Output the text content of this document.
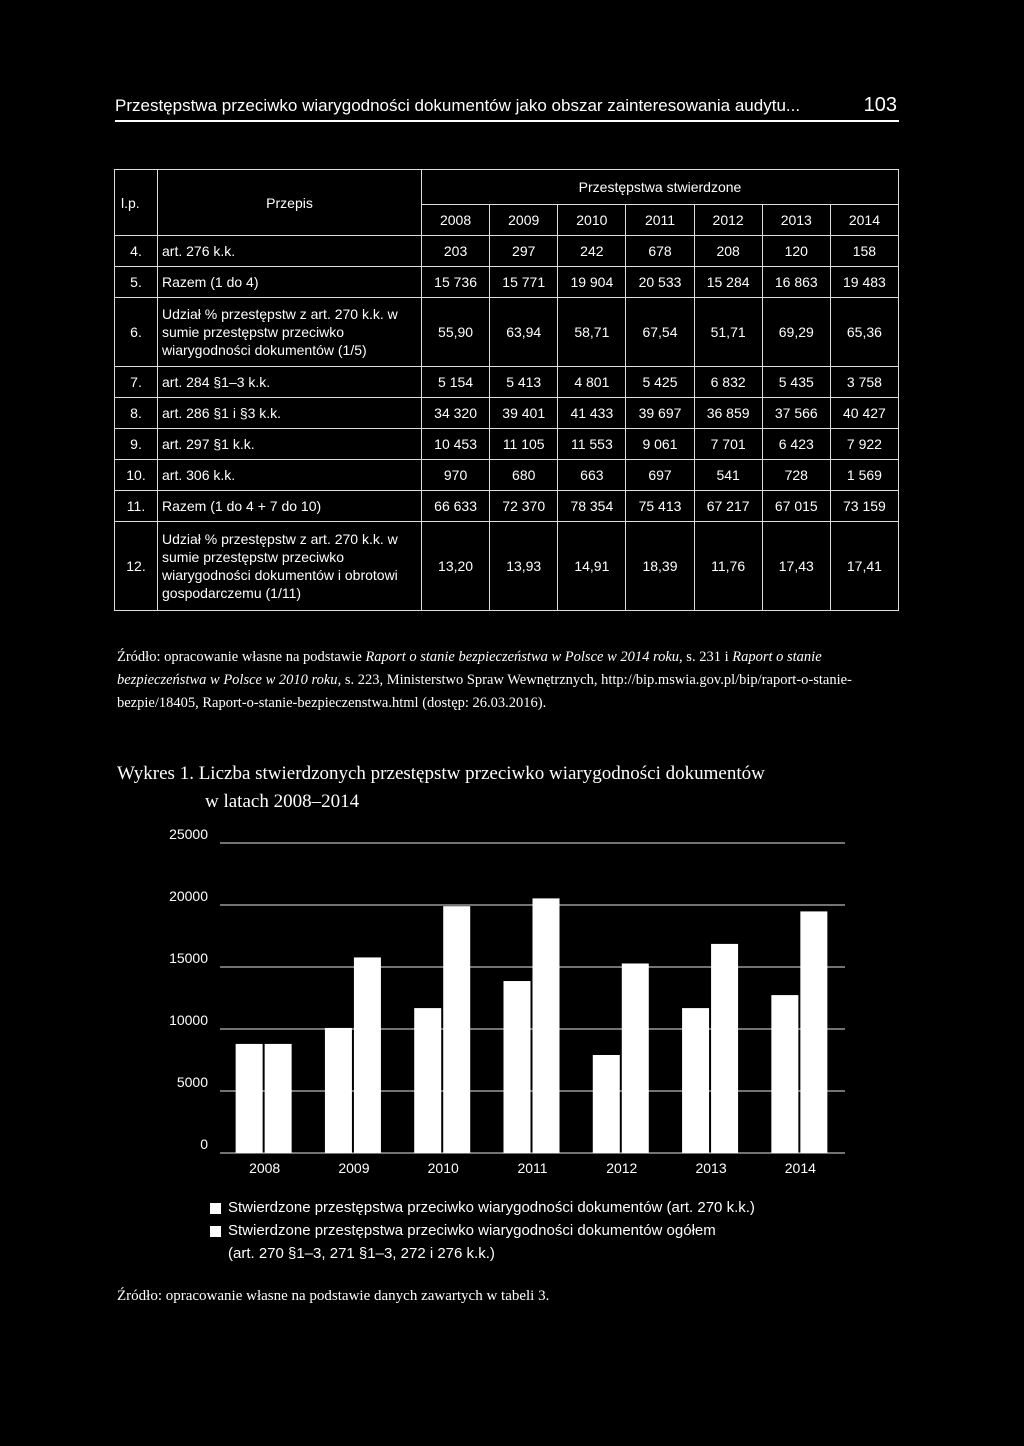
Przestępstwa przeciwko wiarygodności dokumentów jako obszar zainteresowania audytu...	103
l.p.	Przepis	Przestępstwa stwierdzone						
		2008	2009	2010	2011	2012	2013	2014
4.	art. 276 k.k.	203	297	242	678	208	120	158
5.	Razem (1 do 4)	15 736	15 771	19 904	20 533	15 284	16 863	19 483
6.	Udział % przestępstw z art. 270 k.k. w sumie przestępstw przeciwko wiarygodności dokumentów (1/5)	55,90	63,94	58,71	67,54	51,71	69,29	65,36
7.	art. 284 §1–3 k.k.	5 154	5 413	4 801	5 425	6 832	5 435	3 758
8.	art. 286 §1 i §3 k.k.	34 320	39 401	41 433	39 697	36 859	37 566	40 427
9.	art. 297 §1 k.k.	10 453	11 105	11 553	9 061	7 701	6 423	7 922
10.	art. 306 k.k.	970	680	663	697	541	728	1 569
11.	Razem (1 do 4 + 7 do 10)	66 633	72 370	78 354	75 413	67 217	67 015	73 159
12.	Udział % przestępstw z art. 270 k.k. w sumie przestępstw przeciwko wiarygodności dokumentów i obrotowi gospodarczemu (1/11)	13,20	13,93	14,91	18,39	11,76	17,43	17,41
Źródło: opracowanie własne na podstawie Raport o stanie bezpieczeństwa w Polsce w 2014 roku, s. 231 i Raport o stanie bezpieczeństwa w Polsce w 2010 roku, s. 223, Ministerstwo Spraw Wewnętrznych, http://bip.mswia.gov.pl/bip/raport-o-stanie-bezpie/18405, Raport-o-stanie-bezpieczenstwa.html (dostęp: 26.03.2016).
Wykres 1. Liczba stwierdzonych przestępstw przeciwko wiarygodności dokumentów
w latach 2008–2014
0
5000
10000
15000
20000
25000
2008	2009	2010	2011	2012	2013	2014
Stwierdzone przestępstwa przeciwko wiarygodności dokumentów (art. 270 k.k.)
Stwierdzone przestępstwa przeciwko wiarygodności dokumentów ogółem
(art. 270 §1–3, 271 §1–3, 272 i 276 k.k.)
Źródło: opracowanie własne na podstawie danych zawartych w tabeli 3.
